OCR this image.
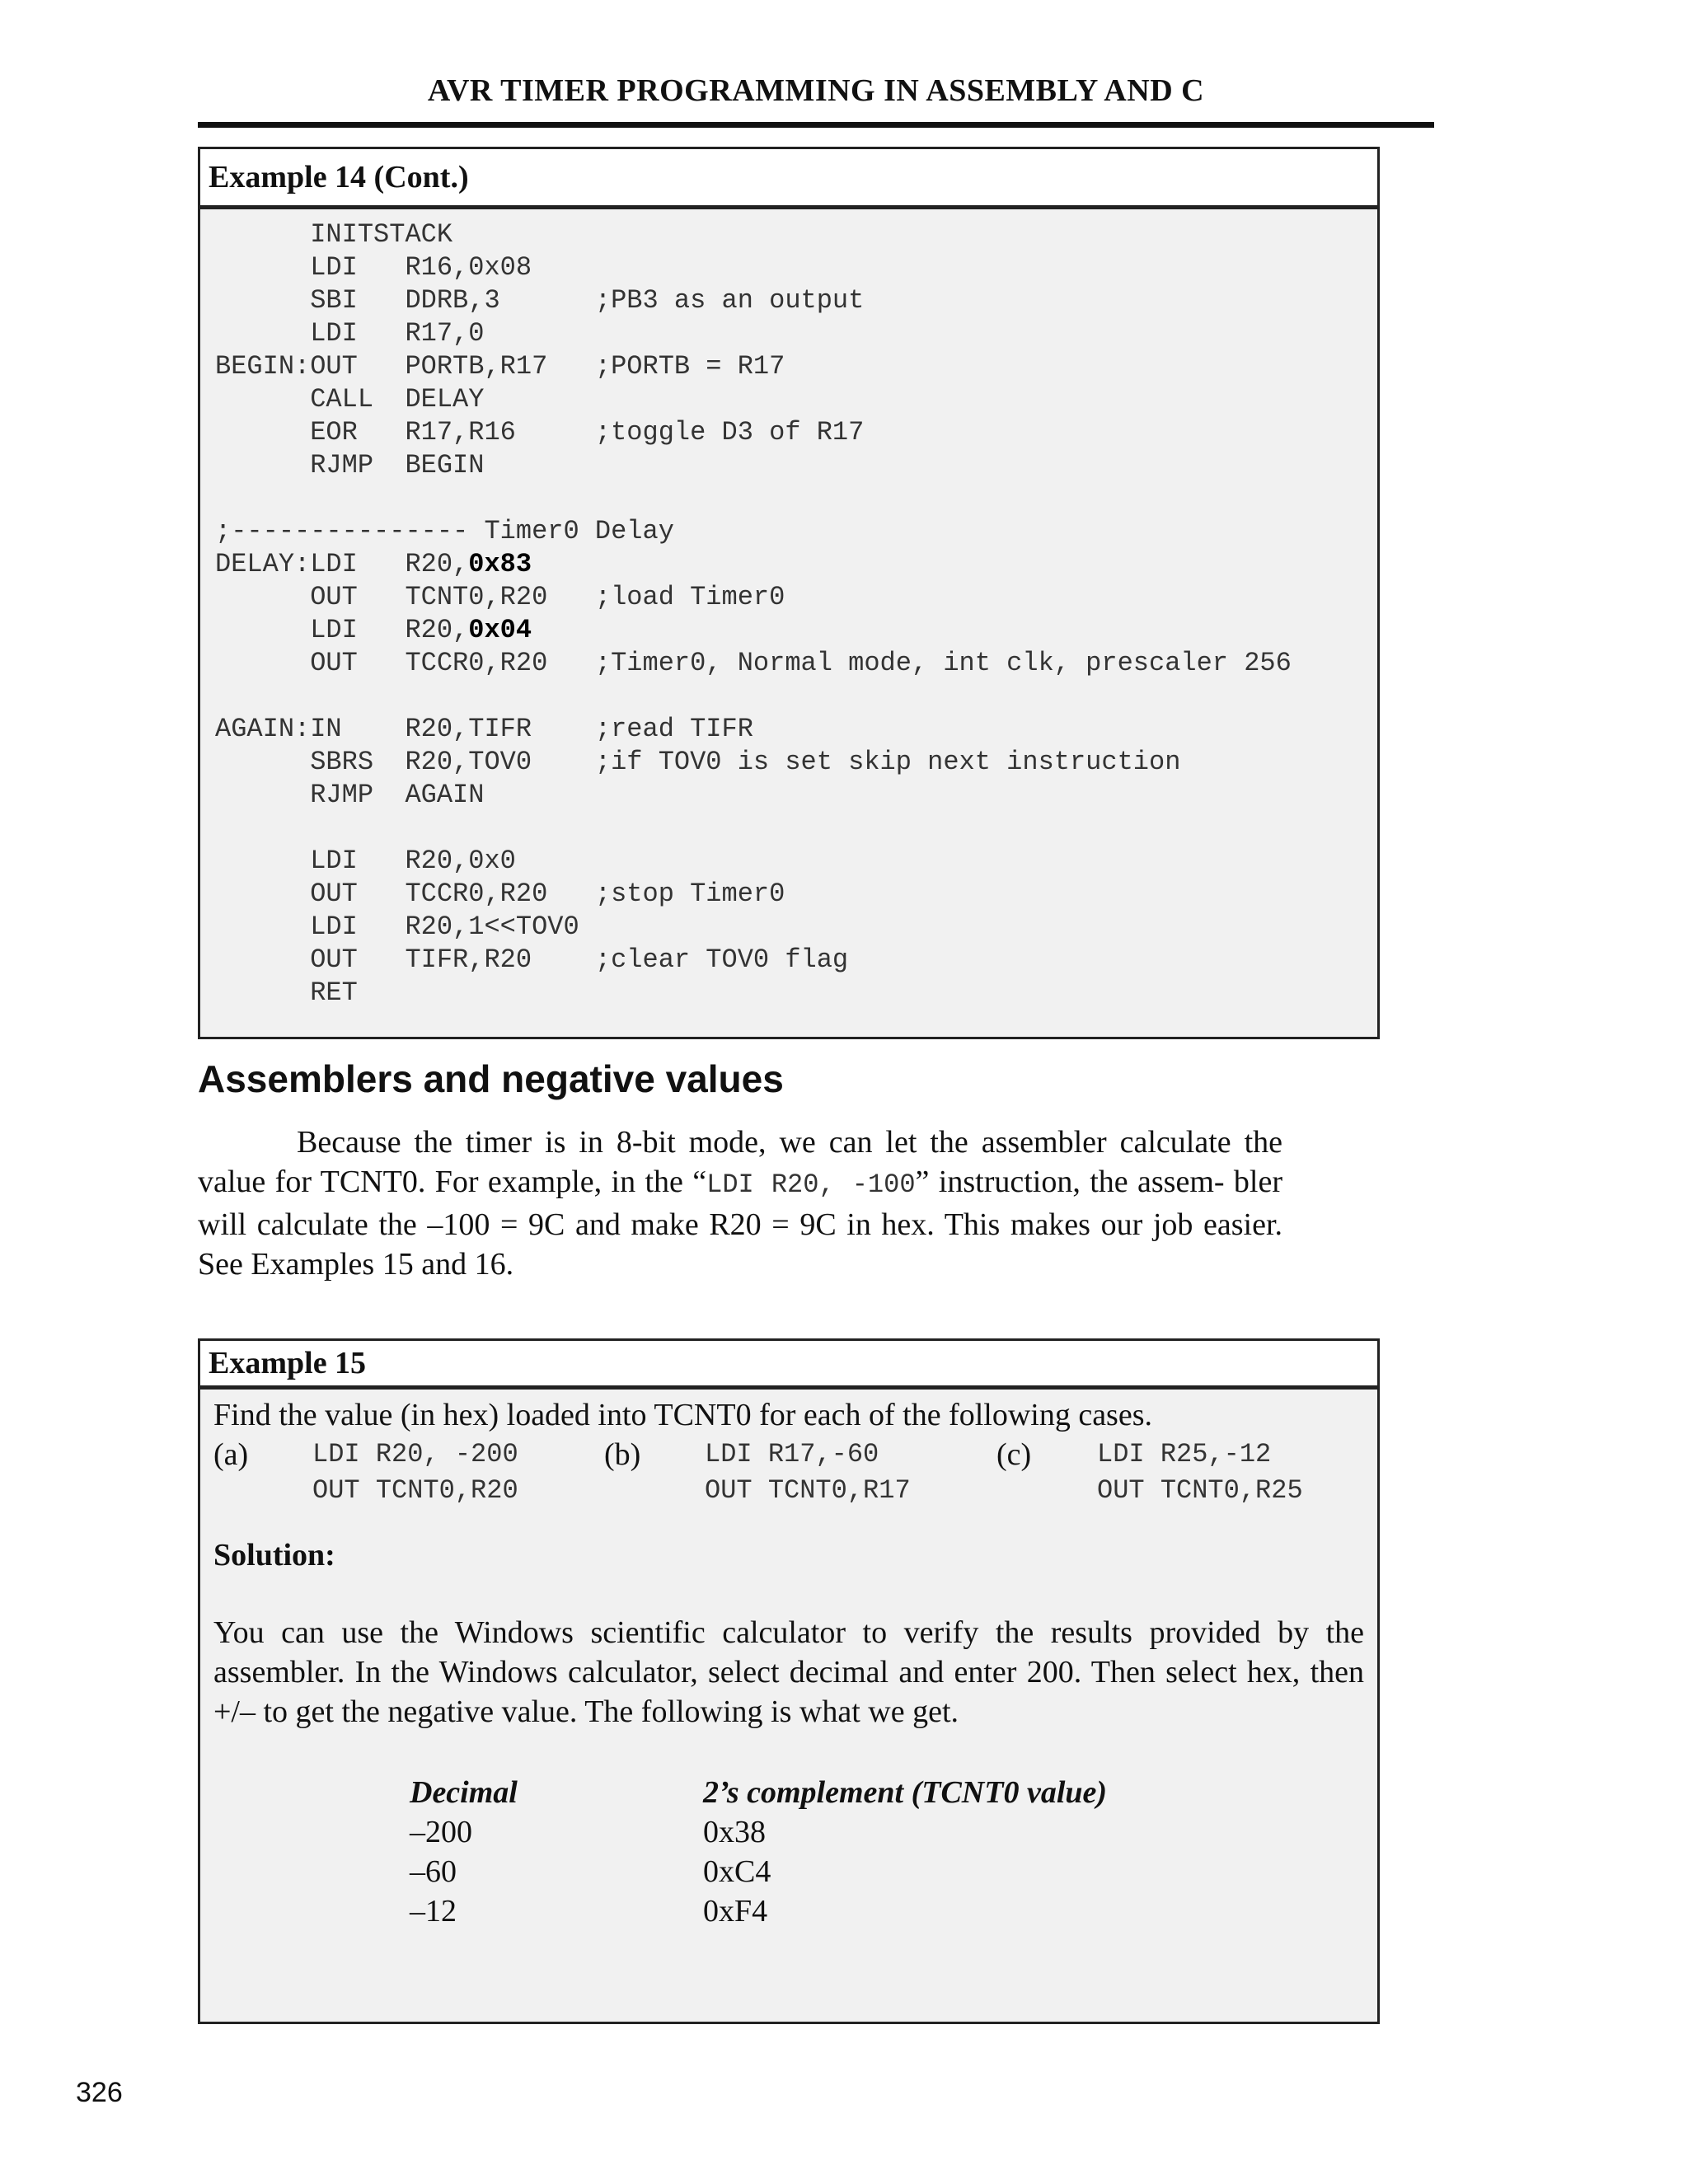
AVR TIMER PROGRAMMING IN ASSEMBLY AND C
Example 14 (Cont.)
INITSTACK
LDI   R16,0x08
SBI   DDRB,3      ;PB3 as an output
LDI   R17,0
BEGIN:OUT   PORTB,R17   ;PORTB = R17
CALL  DELAY
EOR   R17,R16     ;toggle D3 of R17
RJMP  BEGIN

;--------------- Timer0 Delay
DELAY:LDI   R20,0x83
OUT   TCNT0,R20   ;load Timer0
LDI   R20,0x04
OUT   TCCR0,R20   ;Timer0, Normal mode, int clk, prescaler 256

AGAIN:IN    R20,TIFR    ;read TIFR
SBRS  R20,TOV0    ;if TOV0 is set skip next instruction
RJMP  AGAIN

LDI   R20,0x0
OUT   TCCR0,R20   ;stop Timer0
LDI   R20,1<<TOV0
OUT   TIFR,R20    ;clear TOV0 flag
RET
Assemblers and negative values

Because the timer is in 8-bit mode, we can let the assembler calculate the value for TCNT0. For example, in the “LDI R20, -100” instruction, the assem- bler will calculate the –100 = 9C and make R20 = 9C in hex. This makes our job easier. See Examples 15 and 16.

Example 15
Find the value (in hex) loaded into TCNT0 for each of the following cases.
(a) LDI R20, -200
OUT TCNT0,R20
(b) LDI R17,-60
OUT TCNT0,R17
(c) LDI R25,-12
OUT TCNT0,R25
Solution:

You can use the Windows scientific calculator to verify the results provided by the assembler. In the Windows calculator, select decimal and enter 200. Then select hex, then +/– to get the negative value. The following is what we get.

Decimal
–200
–60
–12
2’s complement (TCNT0 value)
0x38
0xC4
0xF4
326
